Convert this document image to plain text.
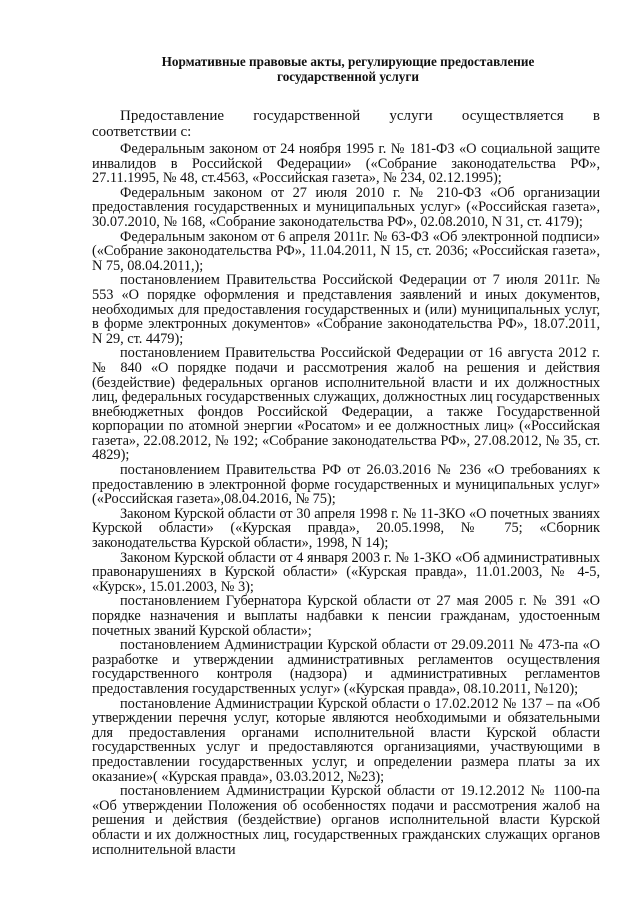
Нормативные правовые акты, регулирующие предоставление
государственной услуги
Предоставление государственной услуги осуществляется в
соответствии с:

Федеральным законом от 24 ноября 1995 г. № 181-ФЗ «О социальной защите инвалидов в Российской Федерации» («Собрание законодательства РФ», 27.11.1995, № 48, ст.4563, «Российская газета», № 234, 02.12.1995);

Федеральным законом от 27 июля 2010 г. № 210-ФЗ «Об организации предоставления государственных и муниципальных услуг» («Российская газета», 30.07.2010, № 168, «Собрание законодательства РФ», 02.08.2010, N 31, ст. 4179);

Федеральным законом от 6 апреля 2011г. № 63-ФЗ «Об электронной подписи» («Собрание законодательства РФ», 11.04.2011, N 15, ст. 2036; «Российская газета», N 75, 08.04.2011,);

постановлением Правительства Российской Федерации от 7 июля 2011г. № 553 «О порядке оформления и представления заявлений и иных документов, необходимых для предоставления государственных и (или) муниципальных услуг, в форме электронных документов» «Собрание законодательства РФ», 18.07.2011, N 29, ст. 4479);

постановлением Правительства Российской Федерации от 16 августа 2012 г. № 840 «О порядке подачи и рассмотрения жалоб на решения и действия (бездействие) федеральных органов исполнительной власти и их должностных лиц, федеральных государственных служащих, должностных лиц государственных внебюджетных фондов Российской Федерации, а также Государственной корпорации по атомной энергии «Росатом» и ее должностных лиц» («Российская газета», 22.08.2012, № 192; «Собрание законодательства РФ», 27.08.2012, № 35, ст. 4829);

постановлением Правительства РФ от 26.03.2016 № 236 «О требованиях к предоставлению в электронной форме государственных и муниципальных услуг» («Российская газета»,08.04.2016, № 75);

Законом Курской области от 30 апреля 1998 г. № 11-ЗКО «О почетных званиях Курской области» («Курская правда», 20.05.1998, № 75; «Сборник законодательства Курской области», 1998, N 14);

Законом Курской области от 4 января 2003 г. № 1-ЗКО «Об административных правонарушениях в Курской области» («Курская правда», 11.01.2003, № 4-5, «Курск», 15.01.2003, № 3);

постановлением Губернатора Курской области от 27 мая 2005 г. № 391 «О порядке назначения и выплаты надбавки к пенсии гражданам, удостоенным почетных званий Курской области»;

постановлением Администрации Курской области от 29.09.2011 № 473-па «О разработке и утверждении административных регламентов осуществления государственного контроля (надзора) и административных регламентов предоставления государственных услуг» («Курская правда», 08.10.2011, №120);

постановление Администрации Курской области о 17.02.2012 № 137 – па «Об утверждении перечня услуг, которые являются необходимыми и обязательными для предоставления органами исполнительной власти Курской области государственных услуг и предоставляются организациями, участвующими в предоставлении государственных услуг, и определении размера платы за их оказание»( «Курская правда», 03.03.2012, №23);

постановлением Администрации Курской области от 19.12.2012 № 1100-па «Об утверждении Положения об особенностях подачи и рассмотрения жалоб на решения и действия (бездействие) органов исполнительной власти Курской области и их должностных лиц, государственных гражданских служащих органов исполнительной власти
